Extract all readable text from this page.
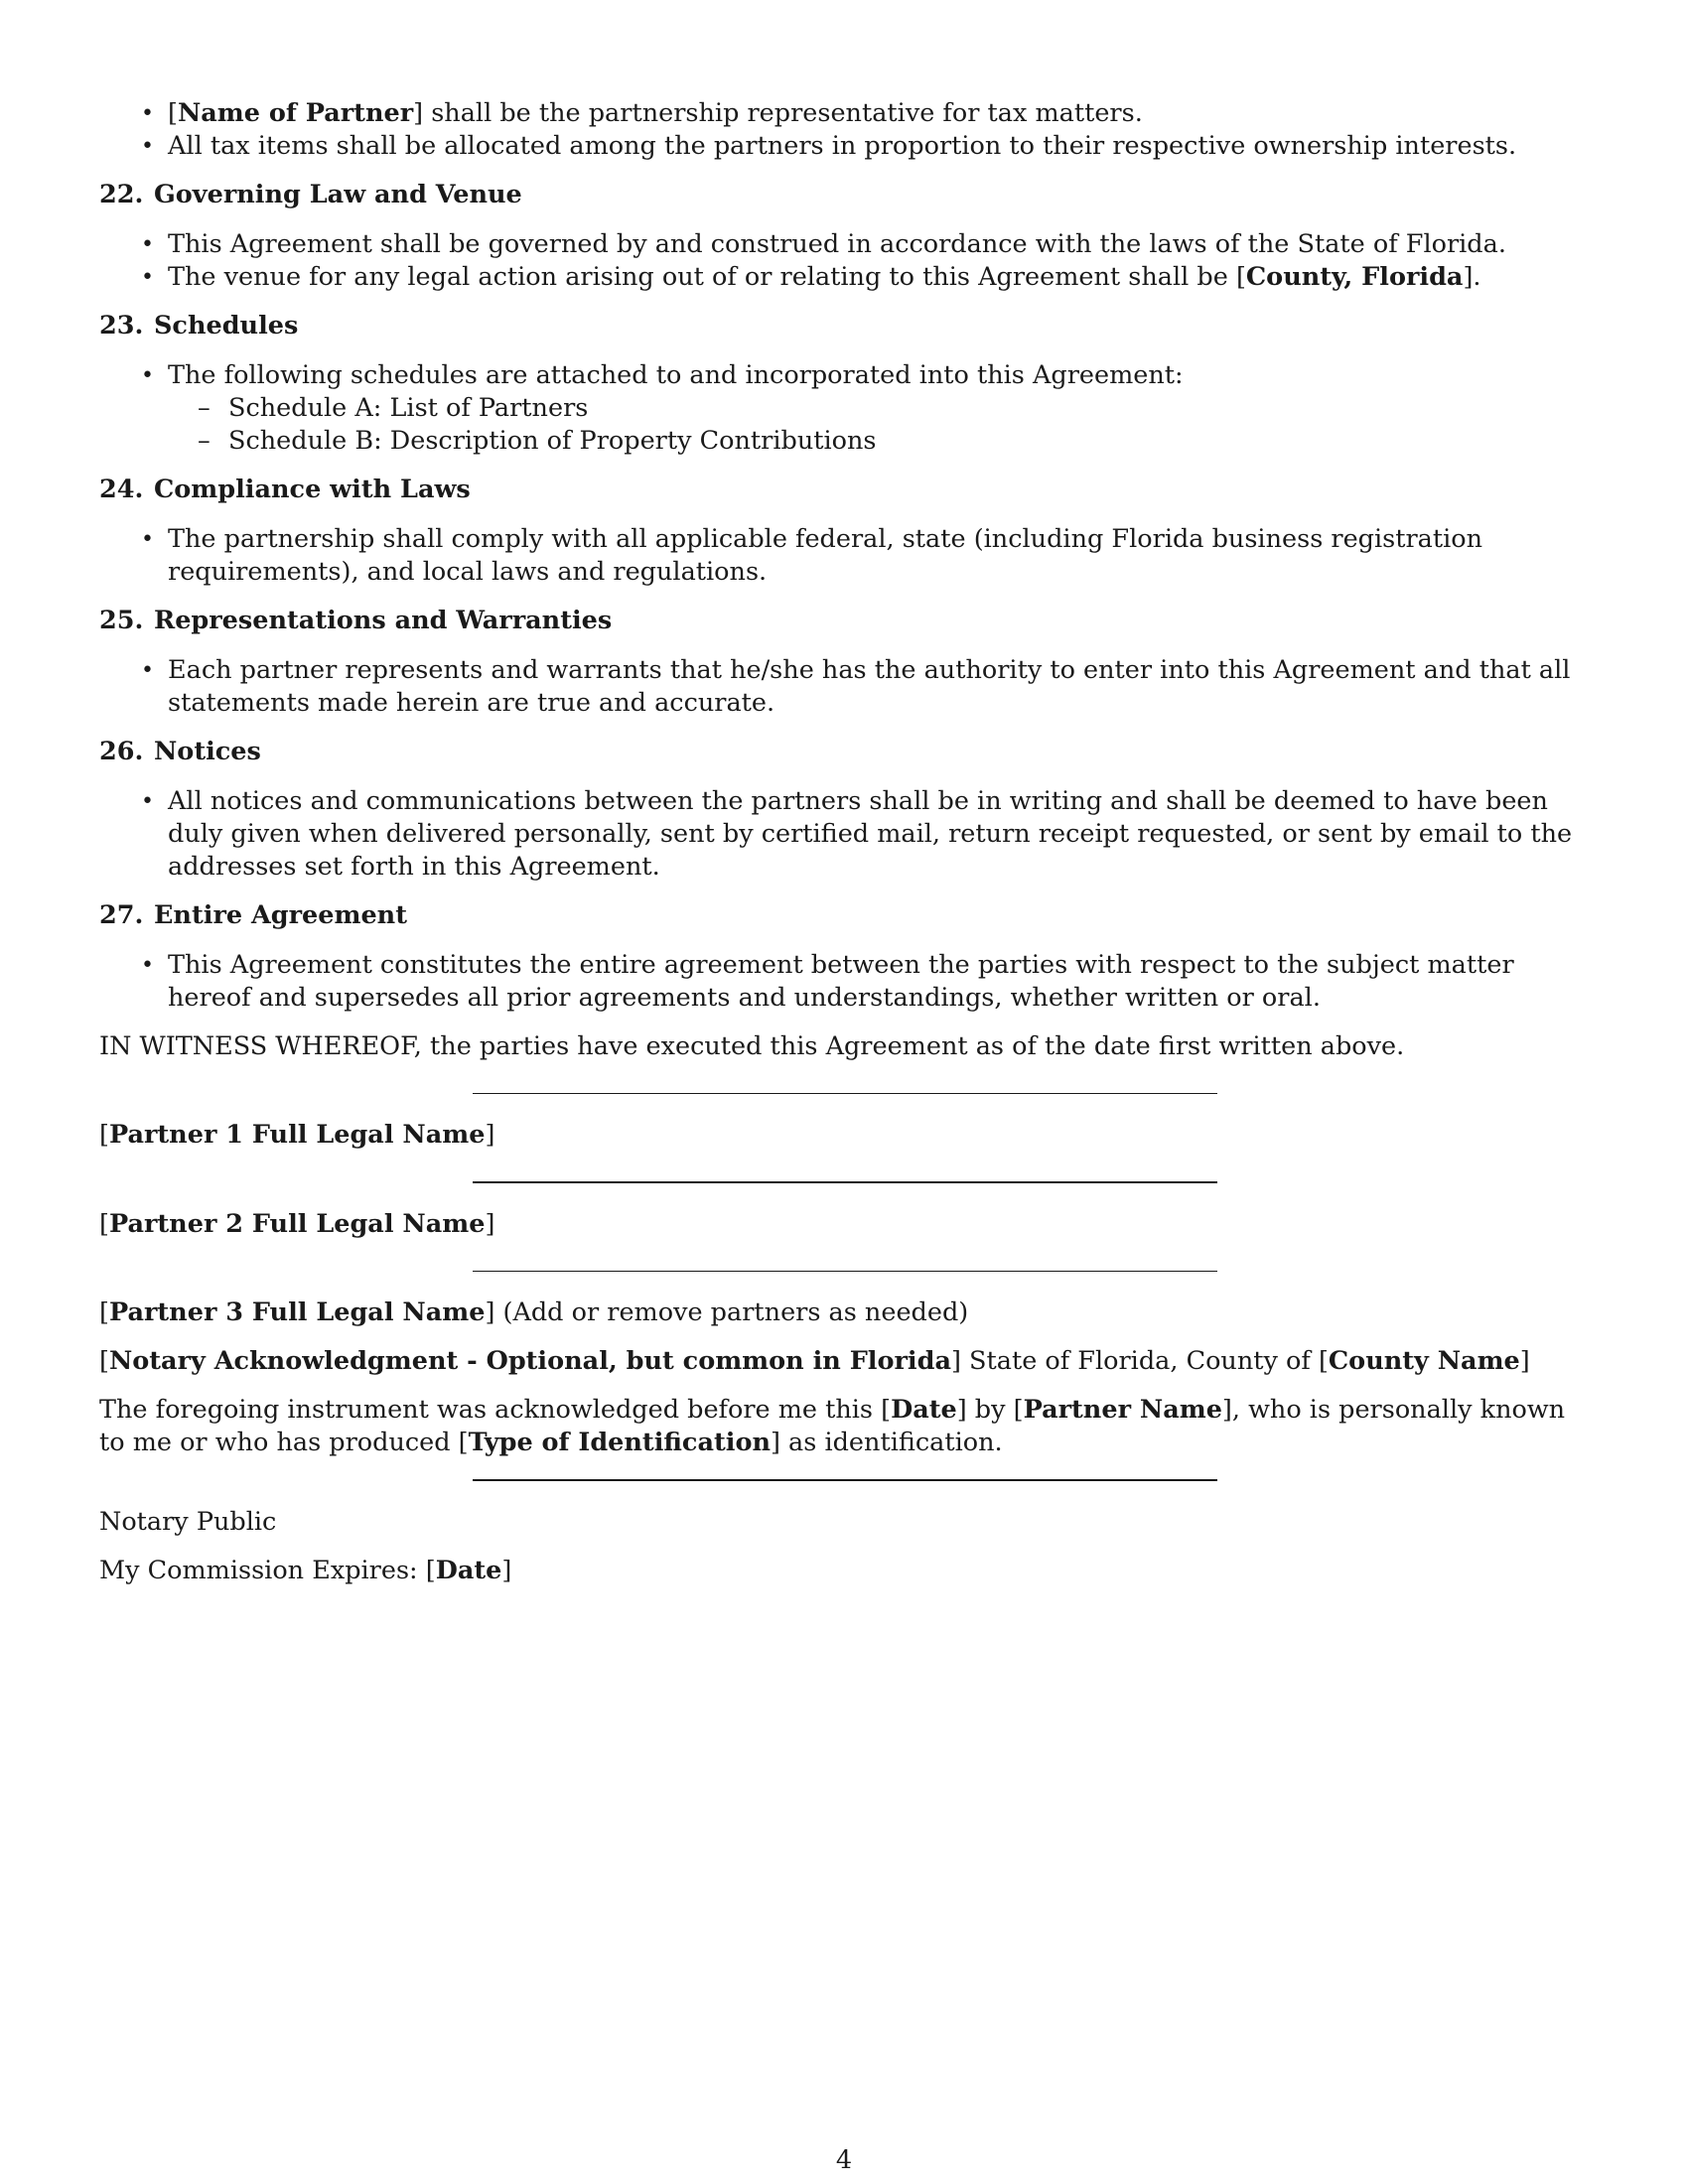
• [Name of Partner] shall be the partnership representative for tax matters.
• All tax items shall be allocated among the partners in proportion to their respective ownership interests.
22. Governing Law and Venue
• This Agreement shall be governed by and construed in accordance with the laws of the State of Florida.
• The venue for any legal action arising out of or relating to this Agreement shall be [County, Florida].
23. Schedules
• The following schedules are attached to and incorporated into this Agreement:
– Schedule A: List of Partners
– Schedule B: Description of Property Contributions
24. Compliance with Laws
• The partnership shall comply with all applicable federal, state (including Florida business registration requirements), and local laws and regulations.
25. Representations and Warranties
• Each partner represents and warrants that he/she has the authority to enter into this Agreement and that all statements made herein are true and accurate.
26. Notices
• All notices and communications between the partners shall be in writing and shall be deemed to have been duly given when delivered personally, sent by certified mail, return receipt requested, or sent by email to the addresses set forth in this Agreement.
27. Entire Agreement
• This Agreement constitutes the entire agreement between the parties with respect to the subject matter hereof and supersedes all prior agreements and understandings, whether written or oral.

IN WITNESS WHEREOF, the parties have executed this Agreement as of the date first written above.

[Partner 1 Full Legal Name]

[Partner 2 Full Legal Name]

[Partner 3 Full Legal Name] (Add or remove partners as needed)

[Notary Acknowledgment - Optional, but common in Florida] State of Florida, County of [County Name]

The foregoing instrument was acknowledged before me this [Date] by [Partner Name], who is personally known to me or who has produced [Type of Identification] as identification.

Notary Public

My Commission Expires: [Date]

4
